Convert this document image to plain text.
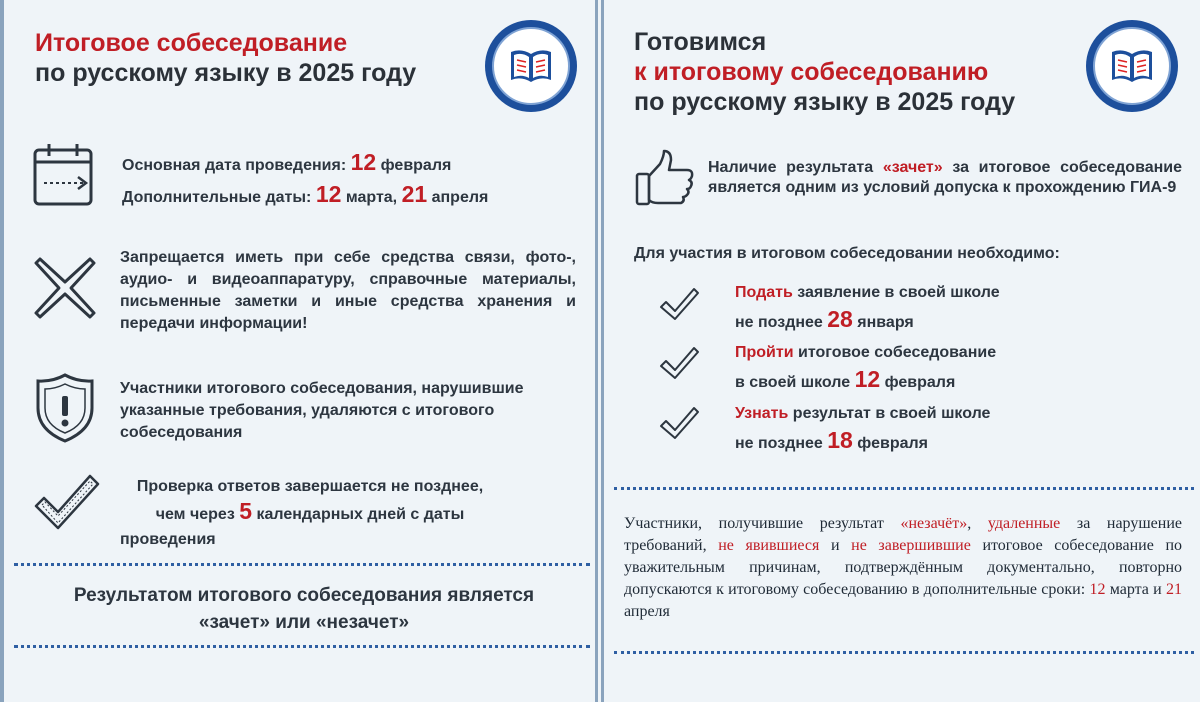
Итоговое собеседование
по русскому языку в 2025 году
Основная дата проведения: 12 февраля
Дополнительные даты: 12 марта, 21 апреля
Запрещается иметь при себе средства связи, фото-, аудио- и видеоаппаратуру, справочные материалы, письменные заметки и иные средства хранения и передачи информации!
Участники итогового собеседования, нарушившие указанные требования, удаляются с итогового собеседования
Проверка ответов завершается не позднее,
чем через 5 календарных дней с даты
проведения
Результатом итогового собеседования является
«зачет» или «незачет»
Готовимся
к итоговому собеседованию
по русскому языку в 2025 году
Наличие результата «зачет» за итоговое собеседование является одним из условий допуска к прохождению ГИА-9
Для участия в итоговом собеседовании необходимо:
Подать заявление в своей школе
не позднее 28 января
Пройти итоговое собеседование
в своей школе 12 февраля
Узнать результат в своей школе
не позднее 18 февраля
Участники, получившие результат «незачёт», удаленные за нарушение требований, не явившиеся и не завершившие итоговое собеседование по уважительным причинам, подтверждённым документально, повторно допускаются к итоговому собеседованию в дополнительные сроки: 12 марта и 21 апреля
